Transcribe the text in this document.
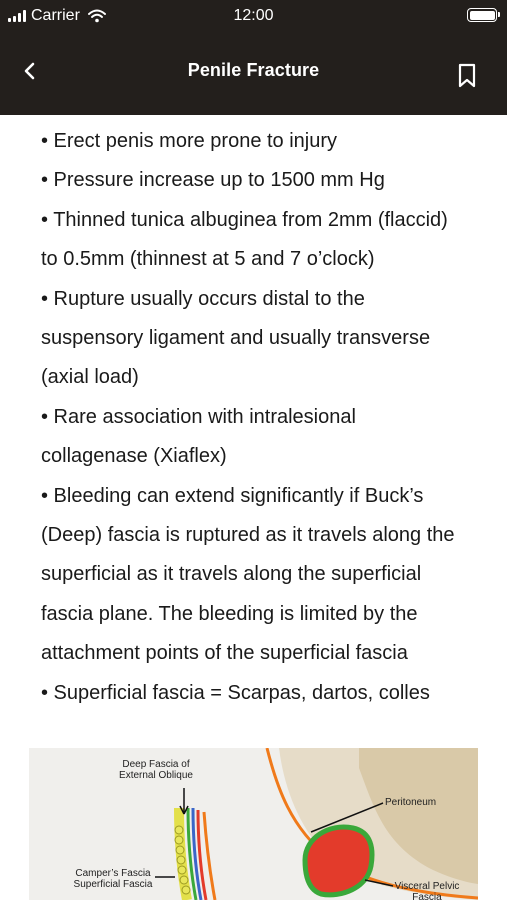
Carrier	12:00
Penile Fracture

• Erect penis more prone to injury

• Pressure increase up to 1500 mm Hg

• Thinned tunica albuginea from 2mm (flaccid)

to 0.5mm (thinnest at 5 and 7 o’clock)

• Rupture usually occurs distal to the

suspensory ligament and usually transverse

(axial load)

• Rare association with intralesional

collagenase (Xiaflex)

• Bleeding can extend significantly if Buck’s

(Deep) fascia is ruptured as it travels along the

superficial as it travels along the superficial

fascia plane. The bleeding is limited by the

attachment points of the superficial fascia

• Superficial fascia = Scarpas, dartos, colles

Deep Fascia of
External Oblique
Peritoneum
Camper’s Fascia
Superficial Fascia	Visceral Pelvic
Fascia
